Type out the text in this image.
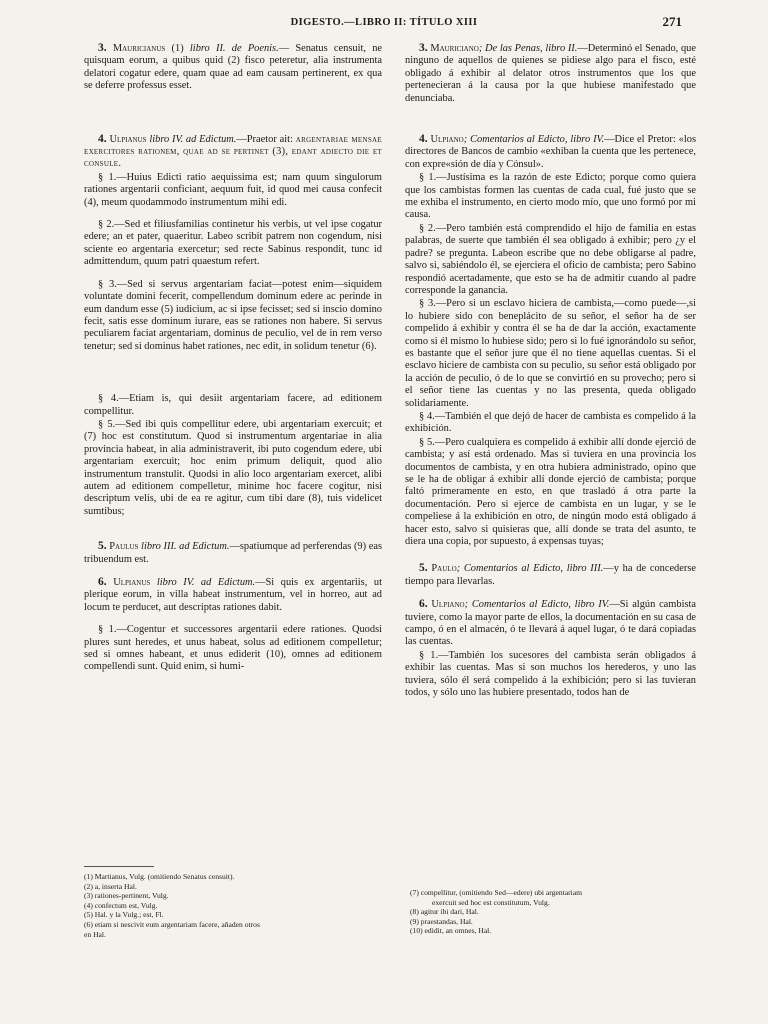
DIGESTO.—LIBRO II: TÍTULO XIII	271

3. Mauricianus (1) libro II. de Poenis.— Senatus censuit, ne quisquam eorum, a quibus quid (2) fisco peteretur, alia instrumenta delatori cogatur edere, quam quae ad eam causam pertinerent, ex qua se deferre professus esset.

4. Ulpianus libro IV. ad Edictum.—Praetor ait: argentariae mensae exercitores rationem, quae ad se pertinet (3), edant adiecto die et consule.

§ 1.—Huius Edicti ratio aequissima est; nam quum singulorum rationes argentarii conficiant, aequum fuit, id quod mei causa confecit (4), meum quodammodo instrumentum mihi edi.

§ 2.—Sed et filiusfamilias continetur his verbis, ut vel ipse cogatur edere; an et pater, quaeritur. Labeo scribit patrem non cogendum, nisi sciente eo argentaria exercetur; sed recte Sabinus respondit, tunc id admittendum, quum patri quaestum refert.

§ 3.—Sed si servus argentariam faciat—potest enim—siquidem voluntate domini fecerit, compellendum dominum edere ac perinde in eum dandum esse (5) iudicium, ac si ipse fecisset; sed si inscio domino fecit, satis esse dominum iurare, eas se rationes non habere. Si servus peculiarem faciat argentariam, dominus de peculio, vel de in rem verso tenetur; sed si dominus habet rationes, nec edit, in solidum tenetur (6).

§ 4.—Etiam is, qui desiit argentariam facere, ad editionem compellitur.

§ 5.—Sed ibi quis compellitur edere, ubi argentariam exercuit; et (7) hoc est constitutum. Quod si instrumentum argentariae in alia provincia habeat, in alia administraverit, ibi puto cogendum edere, ubi argentariam exercuit; hoc enim primum deliquit, quod alio instrumentum transtulit. Quodsi in alio loco argentariam exercet, alibi autem ad editionem compelletur, minime hoc facere cogitur, nisi descriptum velis, ubi de ea re agitur, cum tibi dare (8), tuis videlicet sumtibus;

5. Paulus libro III. ad Edictum.—spatiumque ad perferendas (9) eas tribuendum est.

6. Ulpianus libro IV. ad Edictum.—Si quis ex argentariis, ut plerique eorum, in villa habeat instrumentum, vel in horreo, aut ad locum te perducet, aut descriptas rationes dabit.

§ 1.—Cogentur et successores argentarii edere rationes. Quodsi plures sunt heredes, et unus habeat, solus ad editionem compelletur; sed si omnes habeant, et unus ediderit (10), omnes ad editionem compellendi sunt. Quid enim, si humi-

3. Mauriciano; De las Penas, libro II.—Determinó el Senado, que ninguno de aquellos de quienes se pidiese algo para el fisco, esté obligado á exhibir al delator otros instrumentos que los que pertenecieran á la causa por la que hubiese manifestado que denunciaba.

4. Ulpiano; Comentarios al Edicto, libro IV.—Dice el Pretor: «los directores de Bancos de cambio «exhiban la cuenta que les pertenece, con expre«sión de día y Cónsul».

§ 1.—Justísima es la razón de este Edicto; porque como quiera que los cambistas formen las cuentas de cada cual, fué justo que se me exhiba el instrumento, en cierto modo mío, que uno formó por mi causa.

§ 2.—Pero también está comprendido el hijo de familia en estas palabras, de suerte que también él sea obligado á exhibir; pero ¿y el padre? se pregunta. Labeon escribe que no debe obligarse al padre, salvo si, sabiéndolo él, se ejerciera el oficio de cambista; pero Sabino respondió acertadamente, que esto se ha de admitir cuando al padre corresponde la ganancia.

§ 3.—Pero si un esclavo hiciera de cambista,—como puede—,si lo hubiere sido con beneplácito de su señor, el señor ha de ser compelido á exhibir y contra él se ha de dar la acción, exactamente como si él mismo lo hubiese sido; pero si lo fué ignorándolo su señor, es bastante que el señor jure que él no tiene aquellas cuentas. Si el esclavo hiciere de cambista con su peculio, su señor está obligado por la acción de peculio, ó de lo que se convirtió en su provecho; pero si el señor tiene las cuentas y no las presenta, queda obligado solidariamente.

§ 4.—También el que dejó de hacer de cambista es compelido á la exhibición.

§ 5.—Pero cualquiera es compelido á exhibir allí donde ejerció de cambista; y así está ordenado. Mas si tuviera en una provincia los documentos de cambista, y en otra hubiera administrado, opino que se le ha de obligar á exhibir allí donde ejerció de cambista; porque faltó primeramente en esto, en que trasladó á otra parte la documentación. Pero si ejerce de cambista en un lugar, y se le compeliese á la exhibición en otro, de ningún modo está obligado á hacer esto, salvo si quisieras que, allí donde se trata del asunto, te diera una copia, por supuesto, á expensas tuyas;

5. Paulo; Comentarios al Edicto, libro III.—y ha de concederse tiempo para llevarlas.

6. Ulpiano; Comentarios al Edicto, libro IV.—Si algún cambista tuviere, como la mayor parte de ellos, la documentación en su casa de campo, ó en el almacén, ó te llevará á aquel lugar, ó te dará copiadas las cuentas.

§ 1.—También los sucesores del cambista serán obligados á exhibir las cuentas. Mas si son muchos los herederos, y uno las tuviera, sólo él será compelido á la exhibición; pero si las tuvieran todos, y sólo uno las hubiere presentado, todos han de

(1) Martianus, Vulg. (omitiendo Senatus censuit).
(2) a, inserta Hal.
(3) rationes-pertinent, Vulg.
(4) confectum est, Vulg.
(5) Hal. y la Vulg.; est, Fl.
(6) etiam si nescivit eum argentariam facere, añaden otros
en Hal.
(7) compellitur, (omitiendo Sed—edere) ubi argentariam
exercuit sed hoc est constitutum, Vulg.
(8) agitur ibi dari, Hal.
(9) praestandas, Hal.
(10) edidit, an omnes, Hal.
